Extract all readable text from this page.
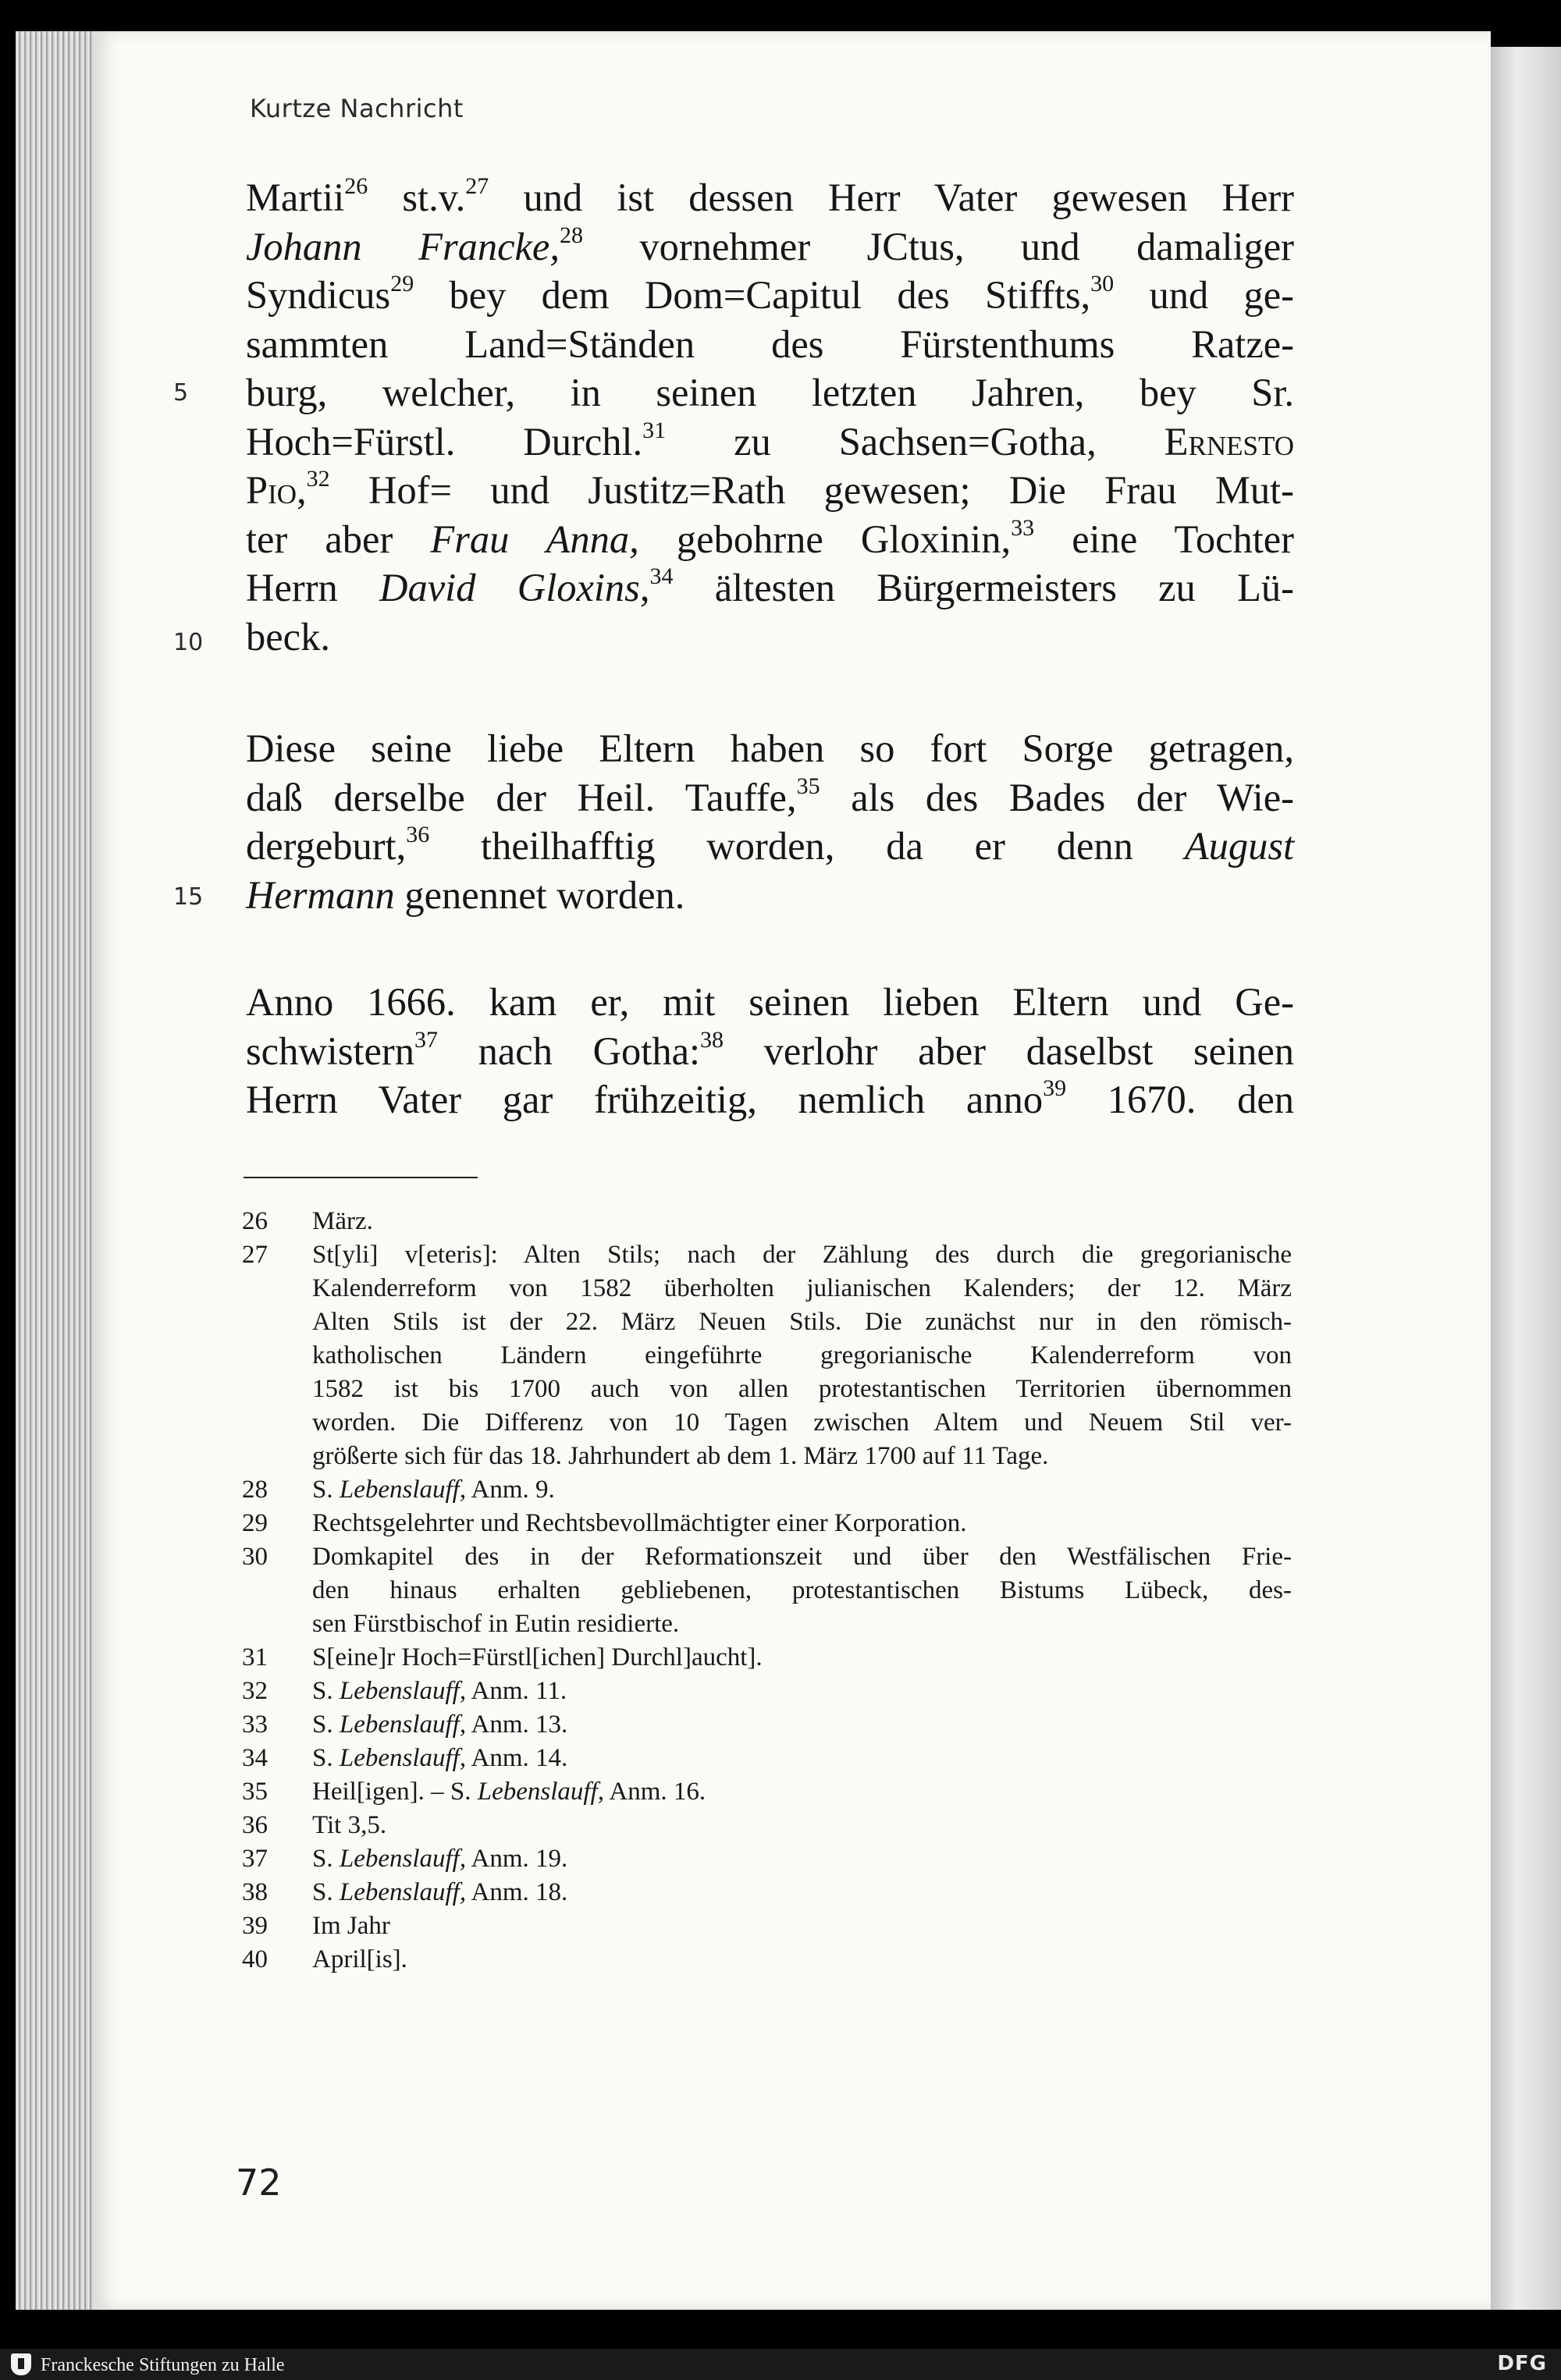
Kurtze Nachricht
Martii$^{26}$ st.v.$^{27}$ und ist dessen Herr Vater gewesen Herr
Johann Francke,$^{28}$ vornehmer JCtus, und damaliger
Syndicus$^{29}$ bey dem Dom=Capitul des Stiffts,$^{30}$ und ge-
sammten Land=Ständen des Fürstenthums Ratze-
burg, welcher, in seinen letzten Jahren, bey Sr.
Hoch=Fürstl. Durchl.$^{31}$ zu Sachsen=Gotha, Ernesto
Pio,$^{32}$ Hof= und Justitz=Rath gewesen; Die Frau Mut-
ter aber Frau Anna, gebohrne Gloxinin,$^{33}$ eine Tochter
Herrn David Gloxins,$^{34}$ ältesten Bürgermeisters zu Lü-
beck.
Diese seine liebe Eltern haben so fort Sorge getragen,
daß derselbe der Heil. Tauffe,$^{35}$ als des Bades der Wie-
dergeburt,$^{36}$ theilhafftig worden, da er denn August
Hermann genennet worden.
Anno 1666. kam er, mit seinen lieben Eltern und Ge-
schwistern$^{37}$ nach Gotha:$^{38}$ verlohr aber daselbst seinen
Herrn Vater gar frühzeitig, nemlich anno$^{39}$ 1670. den
5
10
15
26	März.
27	St[yli] v[eteris]: Alten Stils; nach der Zählung des durch die gregorianische
Kalenderreform von 1582 überholten julianischen Kalenders; der 12. März
Alten Stils ist der 22. März Neuen Stils. Die zunächst nur in den römisch-
katholischen Ländern eingeführte gregorianische Kalenderreform von
1582 ist bis 1700 auch von allen protestantischen Territorien übernommen
worden. Die Differenz von 10 Tagen zwischen Altem und Neuem Stil ver-
größerte sich für das 18. Jahrhundert ab dem 1. März 1700 auf 11 Tage.
28	S. Lebenslauff, Anm. 9.
29	Rechtsgelehrter und Rechtsbevollmächtigter einer Korporation.
30	Domkapitel des in der Reformationszeit und über den Westfälischen Frie-
den hinaus erhalten gebliebenen, protestantischen Bistums Lübeck, des-
sen Fürstbischof in Eutin residierte.
31	S[eine]r Hoch=Fürstl[ichen] Durchl]aucht].
32	S. Lebenslauff, Anm. 11.
33	S. Lebenslauff, Anm. 13.
34	S. Lebenslauff, Anm. 14.
35	Heil[igen]. – S. Lebenslauff, Anm. 16.
36	Tit 3,5.
37	S. Lebenslauff, Anm. 19.
38	S. Lebenslauff, Anm. 18.
39	Im Jahr
40	April[is].
72
Franckesche Stiftungen zu Halle	DFG
